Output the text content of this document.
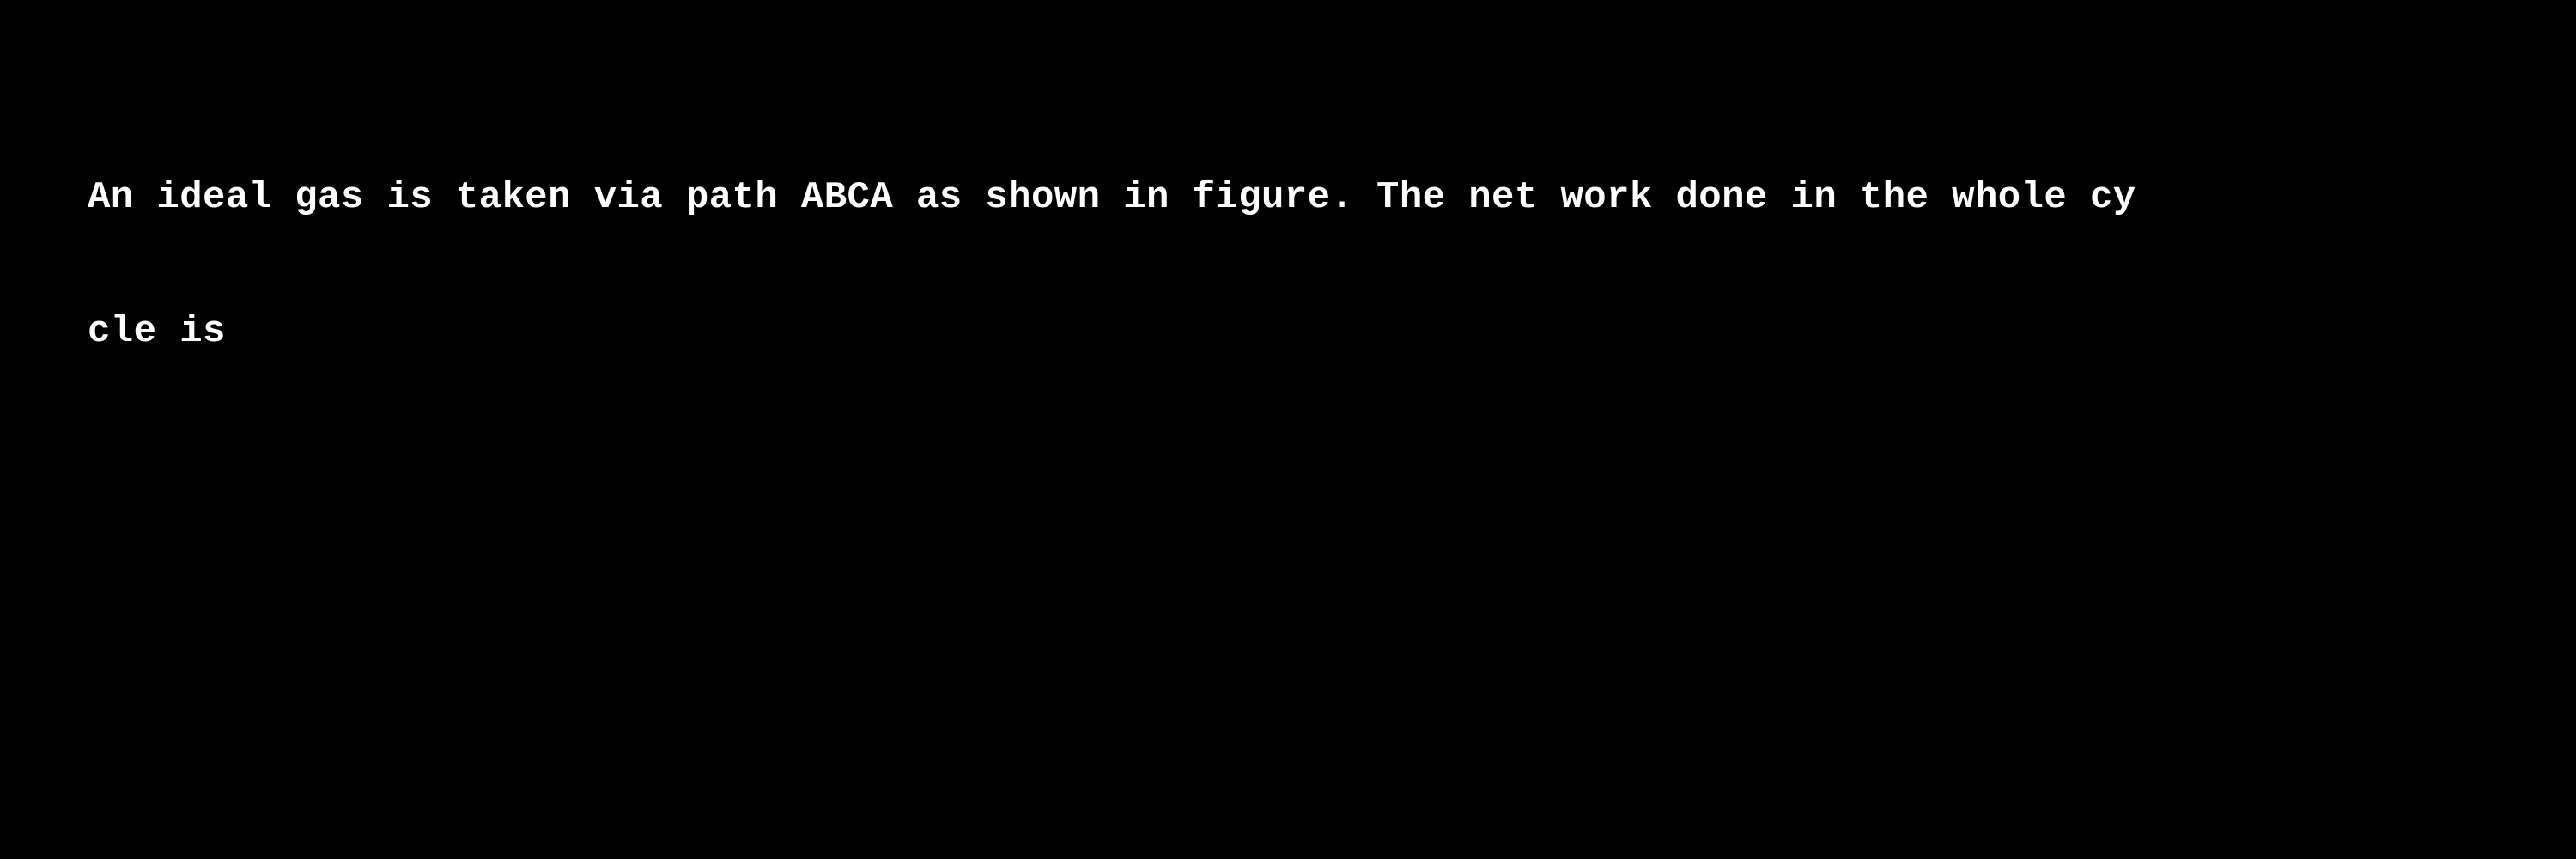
An ideal gas is taken via path ABCA as shown in figure. The net work done in the whole cy

cle is
